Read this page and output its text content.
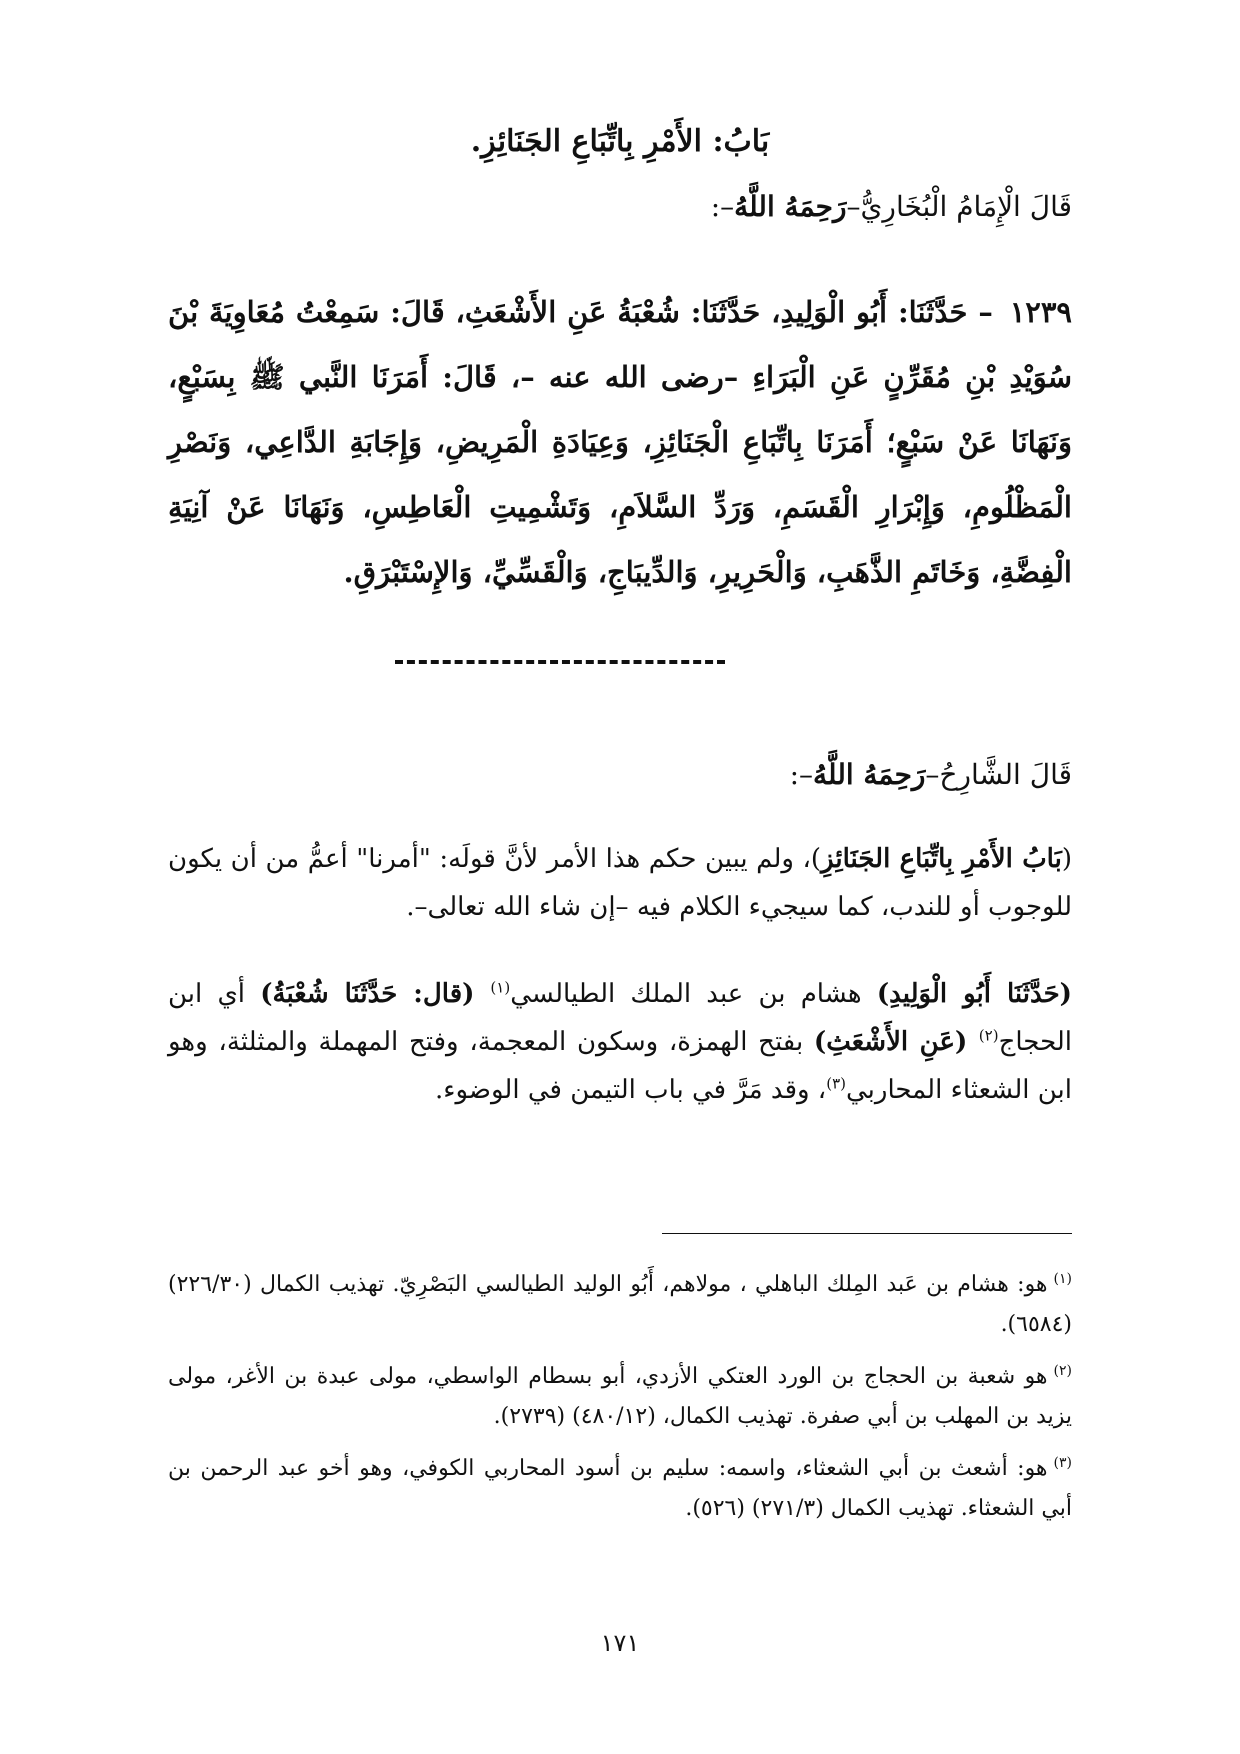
بَابُ: الأَمْرِ بِاتِّبَاعِ الجَنَائِزِ.
قَالَ الْإِمَامُ الْبُخَارِيُّ–رَحِمَهُ اللَّهُ–:
١٢٣٩ – حَدَّثَنَا: أَبُو الْوَلِيدِ، حَدَّثَنَا: شُعْبَةُ عَنِ الأَشْعَثِ، قَالَ: سَمِعْتُ مُعَاوِيَةَ بْنَ سُوَيْدِ بْنِ مُقَرِّنٍ عَنِ الْبَرَاءِ –رضى الله عنه –، قَالَ: أَمَرَنَا النَّبي ﷺ بِسَبْعٍ، وَنَهَانَا عَنْ سَبْعٍ؛ أَمَرَنَا بِاتِّبَاعِ الْجَنَائِزِ، وَعِيَادَةِ الْمَرِيضِ، وَإِجَابَةِ الدَّاعِي، وَنَصْرِ الْمَظْلُومِ، وَإِبْرَارِ الْقَسَمِ، وَرَدِّ السَّلاَمِ، وَتَشْمِيتِ الْعَاطِسِ، وَنَهَانَا عَنْ آنِيَةِ الْفِضَّةِ، وَخَاتَمِ الذَّهَبِ، وَالْحَرِيرِ، وَالدِّيبَاجِ، وَالْقَسِّيِّ، وَالإِسْتَبْرَقِ.
قَالَ الشَّارِحُ–رَحِمَهُ اللَّهُ–:
(بَابُ الأَمْرِ بِاتِّبَاعِ الجَنَائِزِ)، ولم يبين حكم هذا الأمر لأنَّ قولَه: "أمرنا" أعمُّ من أن يكون للوجوب أو للندب، كما سيجيء الكلام فيه –إن شاء الله تعالى–.
(حَدَّثَنَا أَبُو الْوَلِيدِ) هشام بن عبد الملك الطيالسي$^{(١)}$ (قال: حَدَّثَنَا شُعْبَةُ) أي ابن الحجاج$^{(٢)}$ (عَنِ الأَشْعَثِ) بفتح الهمزة، وسكون المعجمة، وفتح المهملة والمثلثة، وهو ابن الشعثاء المحاربي$^{(٣)}$، وقد مَرَّ في باب التيمن في الوضوء.

$^{(١)}$هو: هشام بن عَبد المِلك الباهلي ، مولاهم، أَبُو الوليد الطيالسي البَصْرِيّ. تهذيب الكمال (٢٢٦/٣٠) (٦٥٨٤).

$^{(٢)}$هو شعبة بن الحجاج بن الورد العتكي الأزدي، أبو بسطام الواسطي، مولى عبدة بن الأغر، مولى يزيد بن المهلب بن أبي صفرة. تهذيب الكمال، (٤٨٠/١٢) (٢٧٣٩).

$^{(٣)}$هو: أشعث بن أبي الشعثاء، واسمه: سليم بن أسود المحاربي الكوفي، وهو أخو عبد الرحمن بن أبي الشعثاء. تهذيب الكمال (٢٧١/٣) (٥٢٦).

١٧١
